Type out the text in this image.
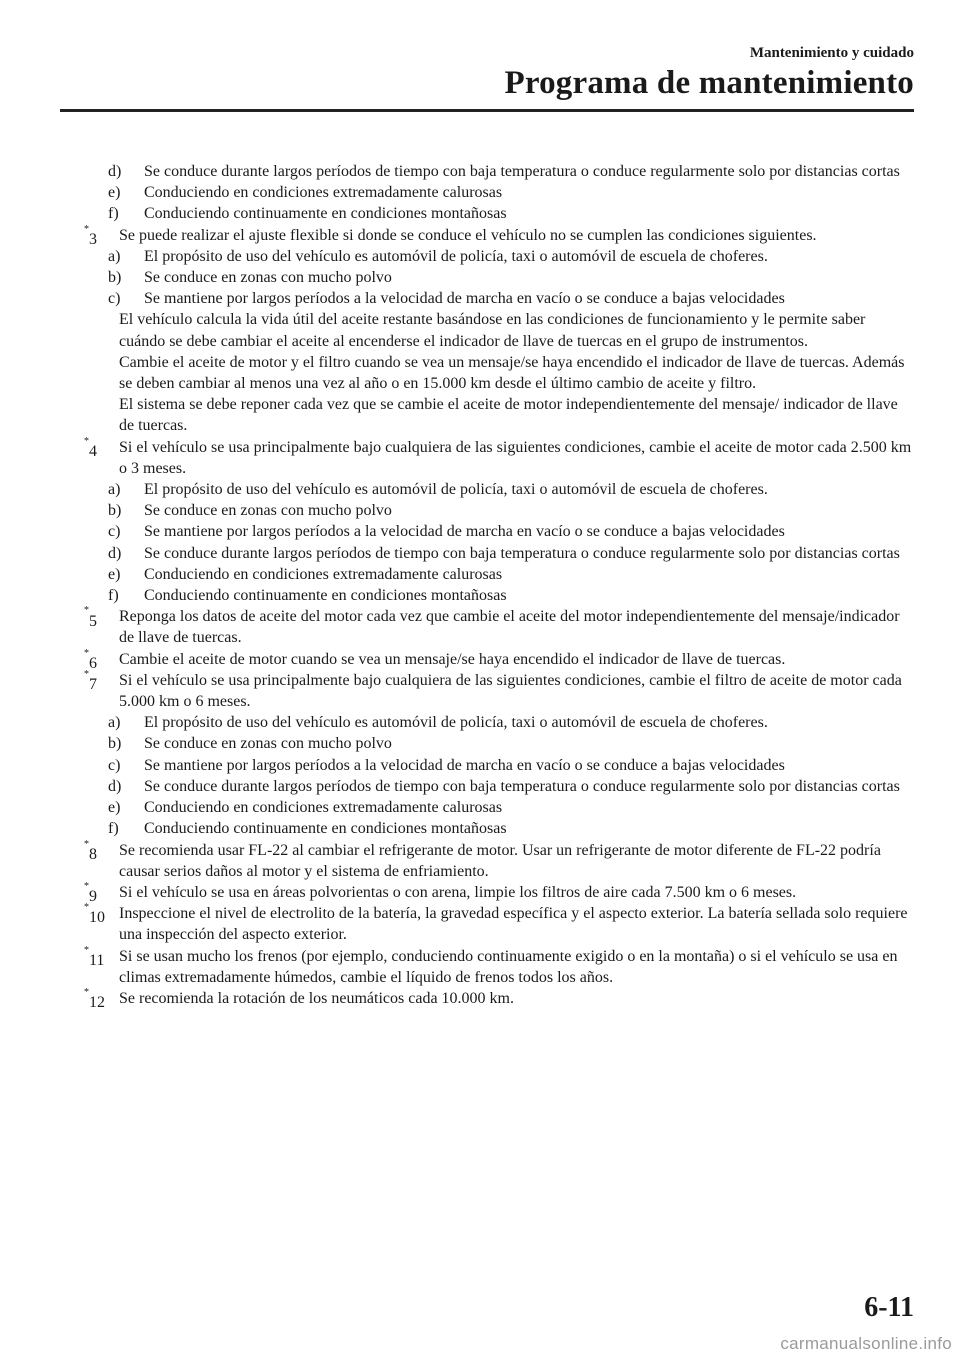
Mantenimiento y cuidado
Programa de mantenimiento
d) Se conduce durante largos períodos de tiempo con baja temperatura o conduce regularmente solo por distancias cortas
e) Conduciendo en condiciones extremadamente calurosas
f) Conduciendo continuamente en condiciones montañosas
*3 Se puede realizar el ajuste flexible si donde se conduce el vehículo no se cumplen las condiciones siguientes.
a) El propósito de uso del vehículo es automóvil de policía, taxi o automóvil de escuela de choferes.
b) Se conduce en zonas con mucho polvo
c) Se mantiene por largos períodos a la velocidad de marcha en vacío o se conduce a bajas velocidades
El vehículo calcula la vida útil del aceite restante basándose en las condiciones de funcionamiento y le permite saber cuándo se debe cambiar el aceite al encenderse el indicador de llave de tuercas en el grupo de instrumentos.
Cambie el aceite de motor y el filtro cuando se vea un mensaje/se haya encendido el indicador de llave de tuercas. Además se deben cambiar al menos una vez al año o en 15.000 km desde el último cambio de aceite y filtro.
El sistema se debe reponer cada vez que se cambie el aceite de motor independientemente del mensaje/ indicador de llave de tuercas.
*4 Si el vehículo se usa principalmente bajo cualquiera de las siguientes condiciones, cambie el aceite de motor cada 2.500 km o 3 meses.
a) El propósito de uso del vehículo es automóvil de policía, taxi o automóvil de escuela de choferes.
b) Se conduce en zonas con mucho polvo
c) Se mantiene por largos períodos a la velocidad de marcha en vacío o se conduce a bajas velocidades
d) Se conduce durante largos períodos de tiempo con baja temperatura o conduce regularmente solo por distancias cortas
e) Conduciendo en condiciones extremadamente calurosas
f) Conduciendo continuamente en condiciones montañosas
*5 Reponga los datos de aceite del motor cada vez que cambie el aceite del motor independientemente del mensaje/indicador de llave de tuercas.
*6 Cambie el aceite de motor cuando se vea un mensaje/se haya encendido el indicador de llave de tuercas.
*7 Si el vehículo se usa principalmente bajo cualquiera de las siguientes condiciones, cambie el filtro de aceite de motor cada 5.000 km o 6 meses.
a) El propósito de uso del vehículo es automóvil de policía, taxi o automóvil de escuela de choferes.
b) Se conduce en zonas con mucho polvo
c) Se mantiene por largos períodos a la velocidad de marcha en vacío o se conduce a bajas velocidades
d) Se conduce durante largos períodos de tiempo con baja temperatura o conduce regularmente solo por distancias cortas
e) Conduciendo en condiciones extremadamente calurosas
f) Conduciendo continuamente en condiciones montañosas
*8 Se recomienda usar FL-22 al cambiar el refrigerante de motor. Usar un refrigerante de motor diferente de FL-22 podría causar serios daños al motor y el sistema de enfriamiento.
*9 Si el vehículo se usa en áreas polvorientas o con arena, limpie los filtros de aire cada 7.500 km o 6 meses.
*10 Inspeccione el nivel de electrolito de la batería, la gravedad específica y el aspecto exterior. La batería sellada solo requiere una inspección del aspecto exterior.
*11 Si se usan mucho los frenos (por ejemplo, conduciendo continuamente exigido o en la montaña) o si el vehículo se usa en climas extremadamente húmedos, cambie el líquido de frenos todos los años.
*12 Se recomienda la rotación de los neumáticos cada 10.000 km.
6-11
carmanualsonline.info
